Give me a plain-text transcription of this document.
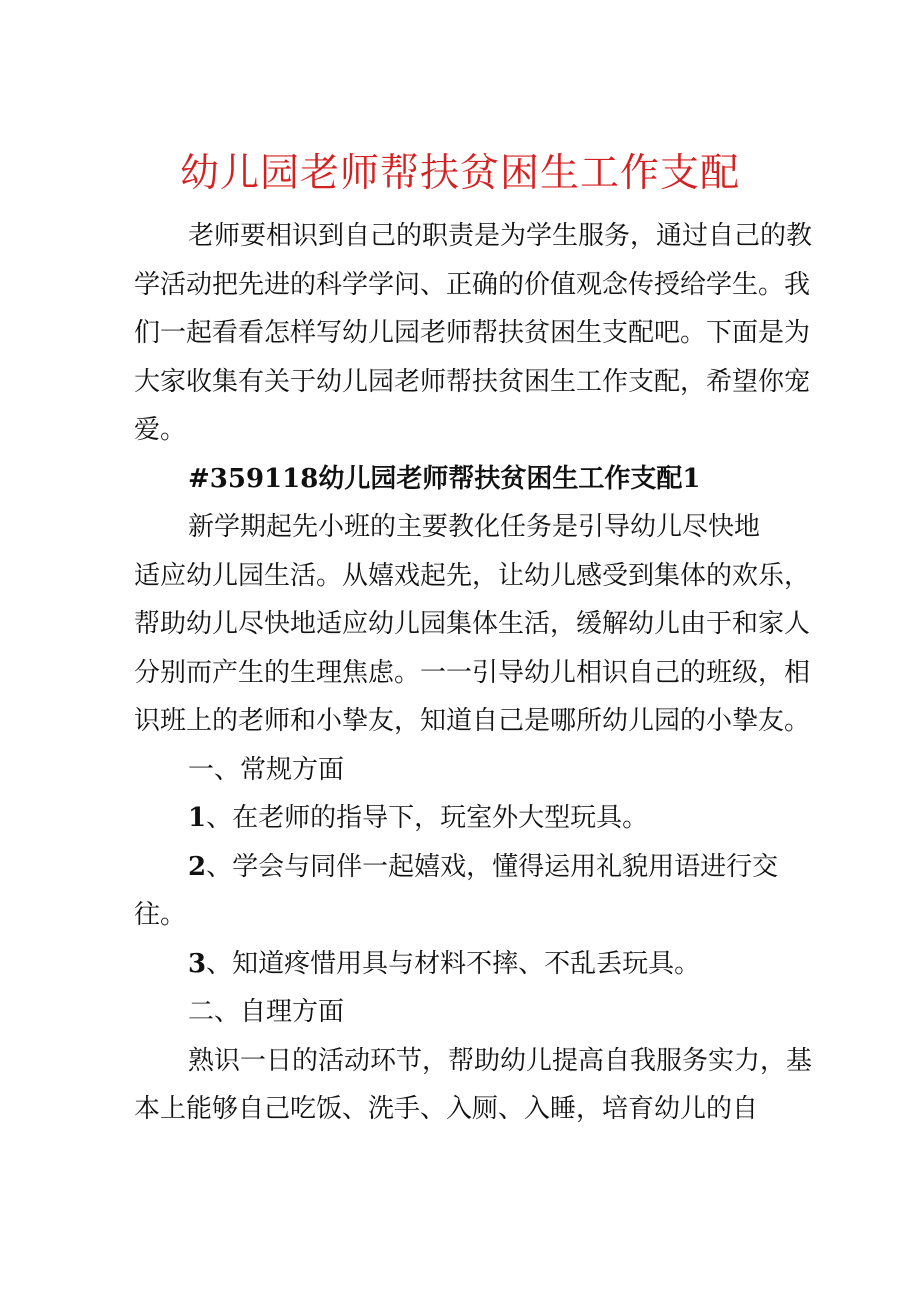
幼儿园老师帮扶贫困生工作支配

老师要相识到自己的职责是为学生服务，通过自己的教学活动把先进的科学学问、正确的价值观念传授给学生。我们一起看看怎样写幼儿园老师帮扶贫困生支配吧。下面是为大家收集有关于幼儿园老师帮扶贫困生工作支配，希望你宠爱。

#359118幼儿园老师帮扶贫困生工作支配1

新学期起先小班的主要教化任务是引导幼儿尽快地

适应幼儿园生活。从嬉戏起先，让幼儿感受到集体的欢乐，帮助幼儿尽快地适应幼儿园集体生活，缓解幼儿由于和家人分别而产生的生理焦虑。一一引导幼儿相识自己的班级，相识班上的老师和小挚友，知道自己是哪所幼儿园的小挚友。

一、常规方面

1、在老师的指导下，玩室外大型玩具。

2、学会与同伴一起嬉戏，懂得运用礼貌用语进行交往。

3、知道疼惜用具与材料不摔、不乱丢玩具。

二、自理方面

熟识一日的活动环节，帮助幼儿提高自我服务实力，基本上能够自己吃饭、洗手、入厕、入睡，培育幼儿的自
